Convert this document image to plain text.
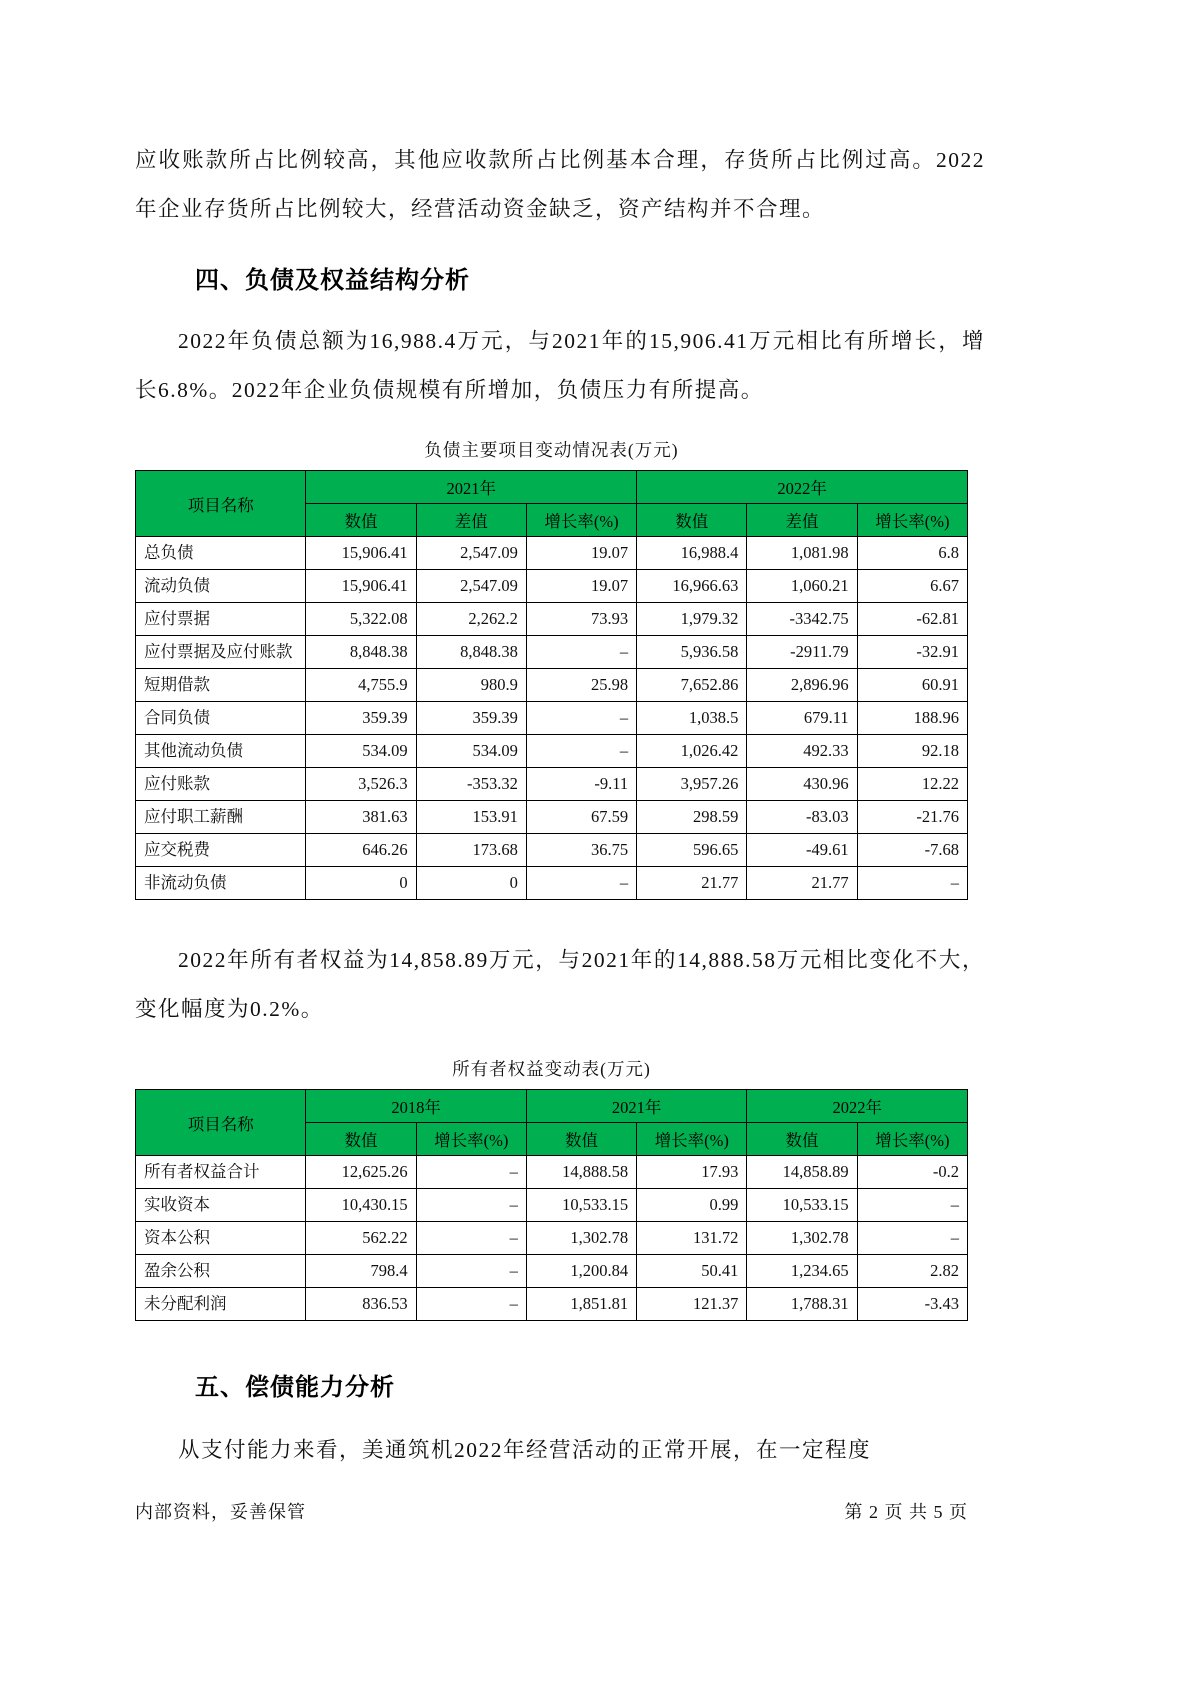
应收账款所占比例较高，其他应收款所占比例基本合理，存货所占比例过高。2022年企业存货所占比例较大，经营活动资金缺乏，资产结构并不合理。

四、负债及权益结构分析

2022年负债总额为16,988.4万元，与2021年的15,906.41万元相比有所增长，增长6.8%。2022年企业负债规模有所增加，负债压力有所提高。

负债主要项目变动情况表(万元)
项目名称	2021年			2022年		
	数值	差值	增长率(%)	数值	差值	增长率(%)
总负债	15,906.41	2,547.09	19.07	16,988.4	1,081.98	6.8
流动负债	15,906.41	2,547.09	19.07	16,966.63	1,060.21	6.67
应付票据	5,322.08	2,262.2	73.93	1,979.32	-3342.75	-62.81
应付票据及应付账款	8,848.38	8,848.38	–	5,936.58	-2911.79	-32.91
短期借款	4,755.9	980.9	25.98	7,652.86	2,896.96	60.91
合同负债	359.39	359.39	–	1,038.5	679.11	188.96
其他流动负债	534.09	534.09	–	1,026.42	492.33	92.18
应付账款	3,526.3	-353.32	-9.11	3,957.26	430.96	12.22
应付职工薪酬	381.63	153.91	67.59	298.59	-83.03	-21.76
应交税费	646.26	173.68	36.75	596.65	-49.61	-7.68
非流动负债	0	0	–	21.77	21.77	–

2022年所有者权益为14,858.89万元，与2021年的14,888.58万元相比变化不大，变化幅度为0.2%。

所有者权益变动表(万元)
项目名称	2018年		2021年		2022年	
	数值	增长率(%)	数值	增长率(%)	数值	增长率(%)
所有者权益合计	12,625.26	–	14,888.58	17.93	14,858.89	-0.2
实收资本	10,430.15	–	10,533.15	0.99	10,533.15	–
资本公积	562.22	–	1,302.78	131.72	1,302.78	–
盈余公积	798.4	–	1,200.84	50.41	1,234.65	2.82
未分配利润	836.53	–	1,851.81	121.37	1,788.31	-3.43
五、偿债能力分析

从支付能力来看，美通筑机2022年经营活动的正常开展，在一定程度

内部资料，妥善保管	第 2 页 共 5 页
